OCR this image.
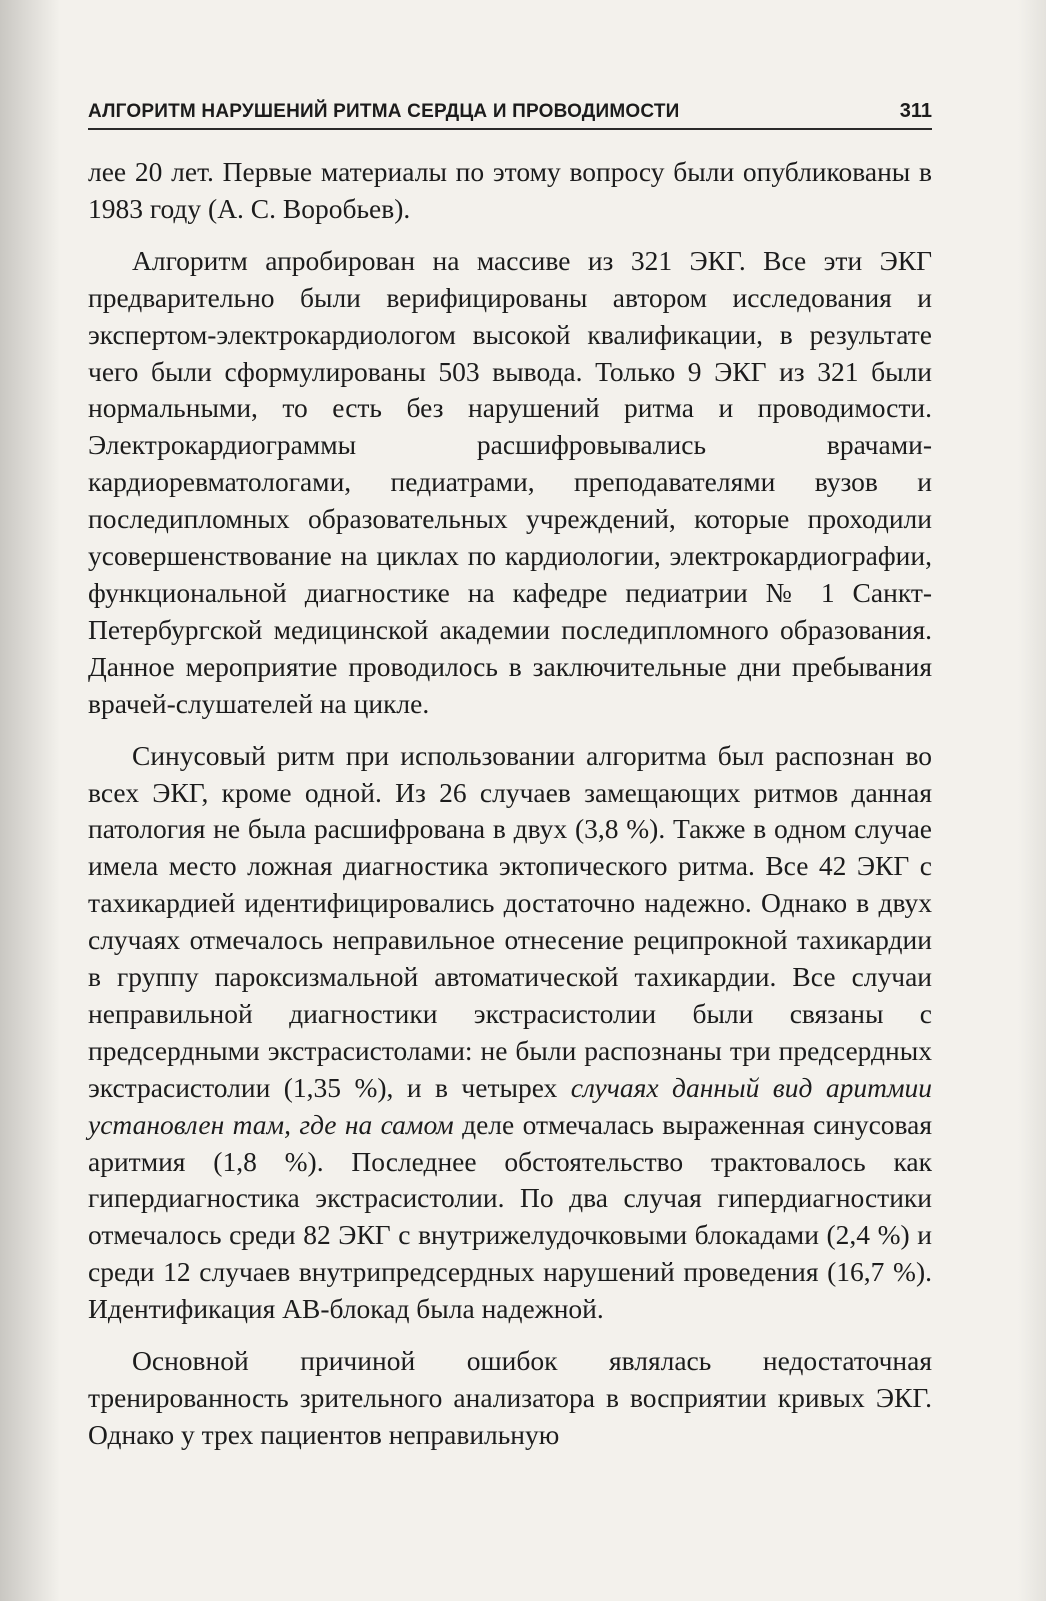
АЛГОРИТМ НАРУШЕНИЙ РИТМА СЕРДЦА И ПРОВОДИМОСТИ	311

лее 20 лет. Первые материалы по этому вопросу были опубликованы в 1983 году (А. С. Воробьев).

Алгоритм апробирован на массиве из 321 ЭКГ. Все эти ЭКГ предварительно были верифицированы автором исследования и экспертом-электрокардиологом высокой квалификации, в результате чего были сформулированы 503 вывода. Только 9 ЭКГ из 321 были нормальными, то есть без нарушений ритма и проводимости. Электрокардиограммы расшифровывались врачами-кардиоревматологами, педиатрами, преподавателями вузов и последипломных образовательных учреждений, которые проходили усовершенствование на циклах по кардиологии, электрокардиографии, функциональной диагностике на кафедре педиатрии № 1 Санкт-Петербургской медицинской академии последипломного образования. Данное мероприятие проводилось в заключительные дни пребывания врачей-слушателей на цикле.

Синусовый ритм при использовании алгоритма был распознан во всех ЭКГ, кроме одной. Из 26 случаев замещающих ритмов данная патология не была расшифрована в двух (3,8 %). Также в одном случае имела место ложная диагностика эктопического ритма. Все 42 ЭКГ с тахикардией идентифицировались достаточно надежно. Однако в двух случаях отмечалось неправильное отнесение реципрокной тахикардии в группу пароксизмальной автоматической тахикардии. Все случаи неправильной диагностики экстрасистолии были связаны с предсердными экстрасистолами: не были распознаны три предсердных экстрасистолии (1,35 %), и в четырех случаях данный вид аритмии установлен там, где на самом деле отмечалась выраженная синусовая аритмия (1,8 %). Последнее обстоятельство трактовалось как гипердиагностика экстрасистолии. По два случая гипердиагностики отмечалось среди 82 ЭКГ с внутрижелудочковыми блокадами (2,4 %) и среди 12 случаев внутрипредсердных нарушений проведения (16,7 %). Идентификация АВ-блокад была надежной.

Основной причиной ошибок являлась недостаточная тренированность зрительного анализатора в восприятии кривых ЭКГ. Однако у трех пациентов неправильную
